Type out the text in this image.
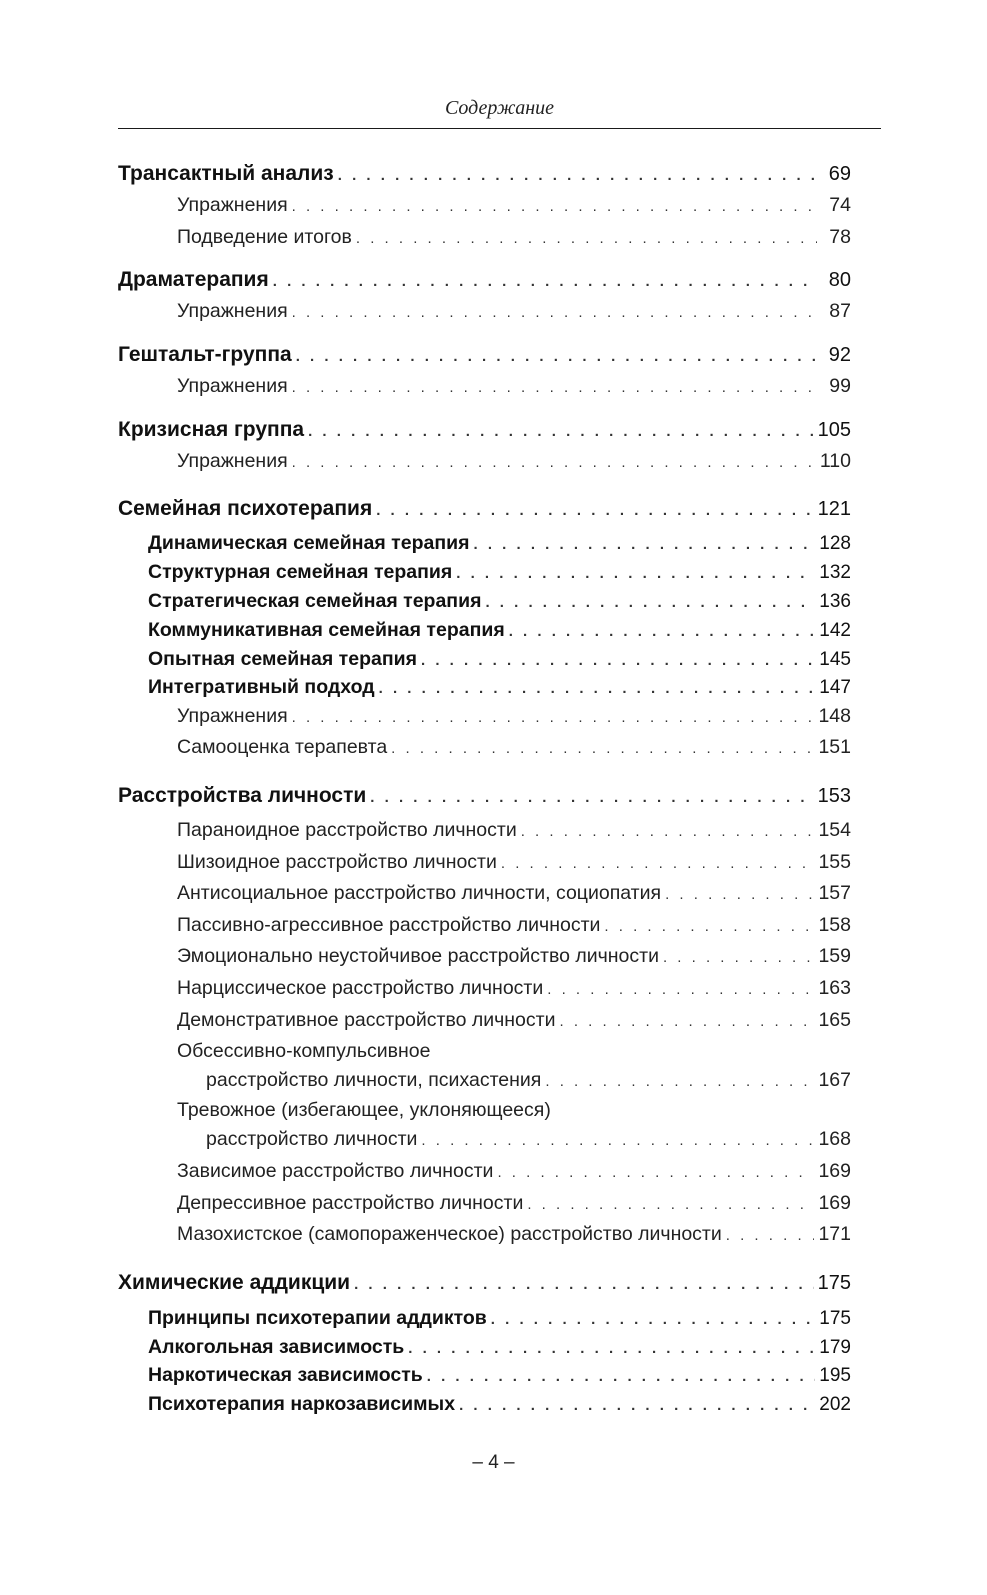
Содержание
Трансактный анализ . . .	69
Упражнения . . .	74
Подведение итогов . . .	78
Драматерапия . . .	80
Упражнения . . .	87
Гештальт-группа . . .	92
Упражнения . . .	99
Кризисная группа . . .	105
Упражнения . . .	110
Семейная психотерапия . . .	121
Динамическая семейная терапия . . .	128
Структурная семейная терапия . . .	132
Стратегическая семейная терапия . . .	136
Коммуникативная семейная терапия . . .	142
Опытная семейная терапия . . .	145
Интегративный подход . . .	147
Упражнения . . .	148
Самооценка терапевта . . .	151
Расстройства личности . . .	153
Параноидное расстройство личности . . .	154
Шизоидное расстройство личности . . .	155
Антисоциальное расстройство личности, социопатия . . .	157
Пассивно-агрессивное расстройство личности . . .	158
Эмоционально неустойчивое расстройство личности . . .	159
Нарциссическое расстройство личности . . .	163
Демонстративное расстройство личности . . .	165
Обсессивно-компульсивное
расстройство личности, психастения . . .	167
Тревожное (избегающее, уклоняющееся)
расстройство личности . . .	168
Зависимое расстройство личности . . .	169
Депрессивное расстройство личности . . .	169
Мазохистское (самопораженческое) расстройство личности . . .	171
Химические аддикции . . .	175
Принципы психотерапии аддиктов . . .	175
Алкогольная зависимость . . .	179
Наркотическая зависимость . . .	195
Психотерапия наркозависимых . . .	202
– 4 –
